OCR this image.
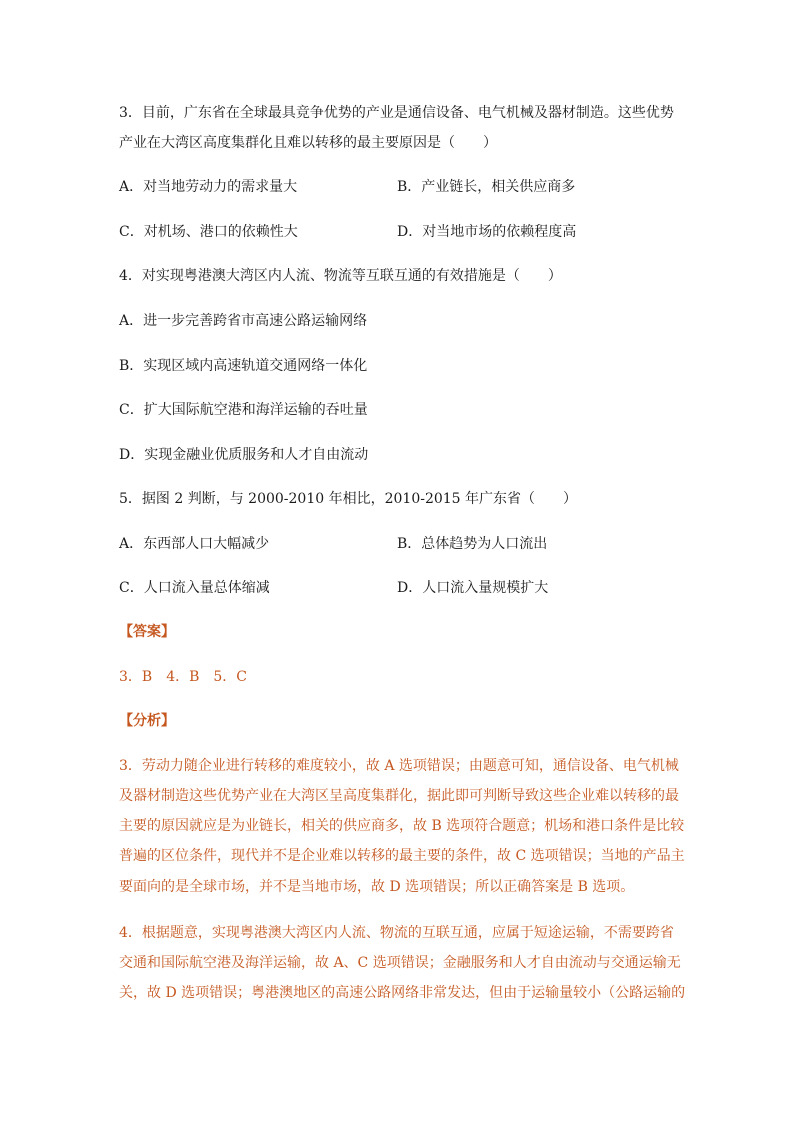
3．目前，广东省在全球最具竞争优势的产业是通信设备、电气机械及器材制造。这些优势
产业在大湾区高度集群化且难以转移的最主要原因是（　　）
A．对当地劳动力的需求量大	B．产业链长，相关供应商多
C．对机场、港口的依赖性大	D．对当地市场的依赖程度高
4．对实现粤港澳大湾区内人流、物流等互联互通的有效措施是（　　）
A．进一步完善跨省市高速公路运输网络
B．实现区域内高速轨道交通网络一体化
C．扩大国际航空港和海洋运输的吞吐量
D．实现金融业优质服务和人才自由流动
5．据图 2 判断，与 2000-2010 年相比，2010-2015 年广东省（　　）
A．东西部人口大幅减少	B．总体趋势为人口流出
C．人口流入量总体缩减	D．人口流入量规模扩大
【答案】
3．B　4．B　5．C
【分析】
3．劳动力随企业进行转移的难度较小，故 A 选项错误；由题意可知，通信设备、电气机械
及器材制造这些优势产业在大湾区呈高度集群化，据此即可判断导致这些企业难以转移的最
主要的原因就应是为业链长，相关的供应商多，故 B 选项符合题意；机场和港口条件是比较
普遍的区位条件，现代并不是企业难以转移的最主要的条件，故 C 选项错误；当地的产品主
要面向的是全球市场，并不是当地市场，故 D 选项错误；所以正确答案是 B 选项。
4．根据题意，实现粤港澳大湾区内人流、物流的互联互通，应属于短途运输，不需要跨省
交通和国际航空港及海洋运输，故 A、C 选项错误；金融服务和人才自由流动与交通运输无
关，故 D 选项错误；粤港澳地区的高速公路网络非常发达，但由于运输量较小（公路运输的
